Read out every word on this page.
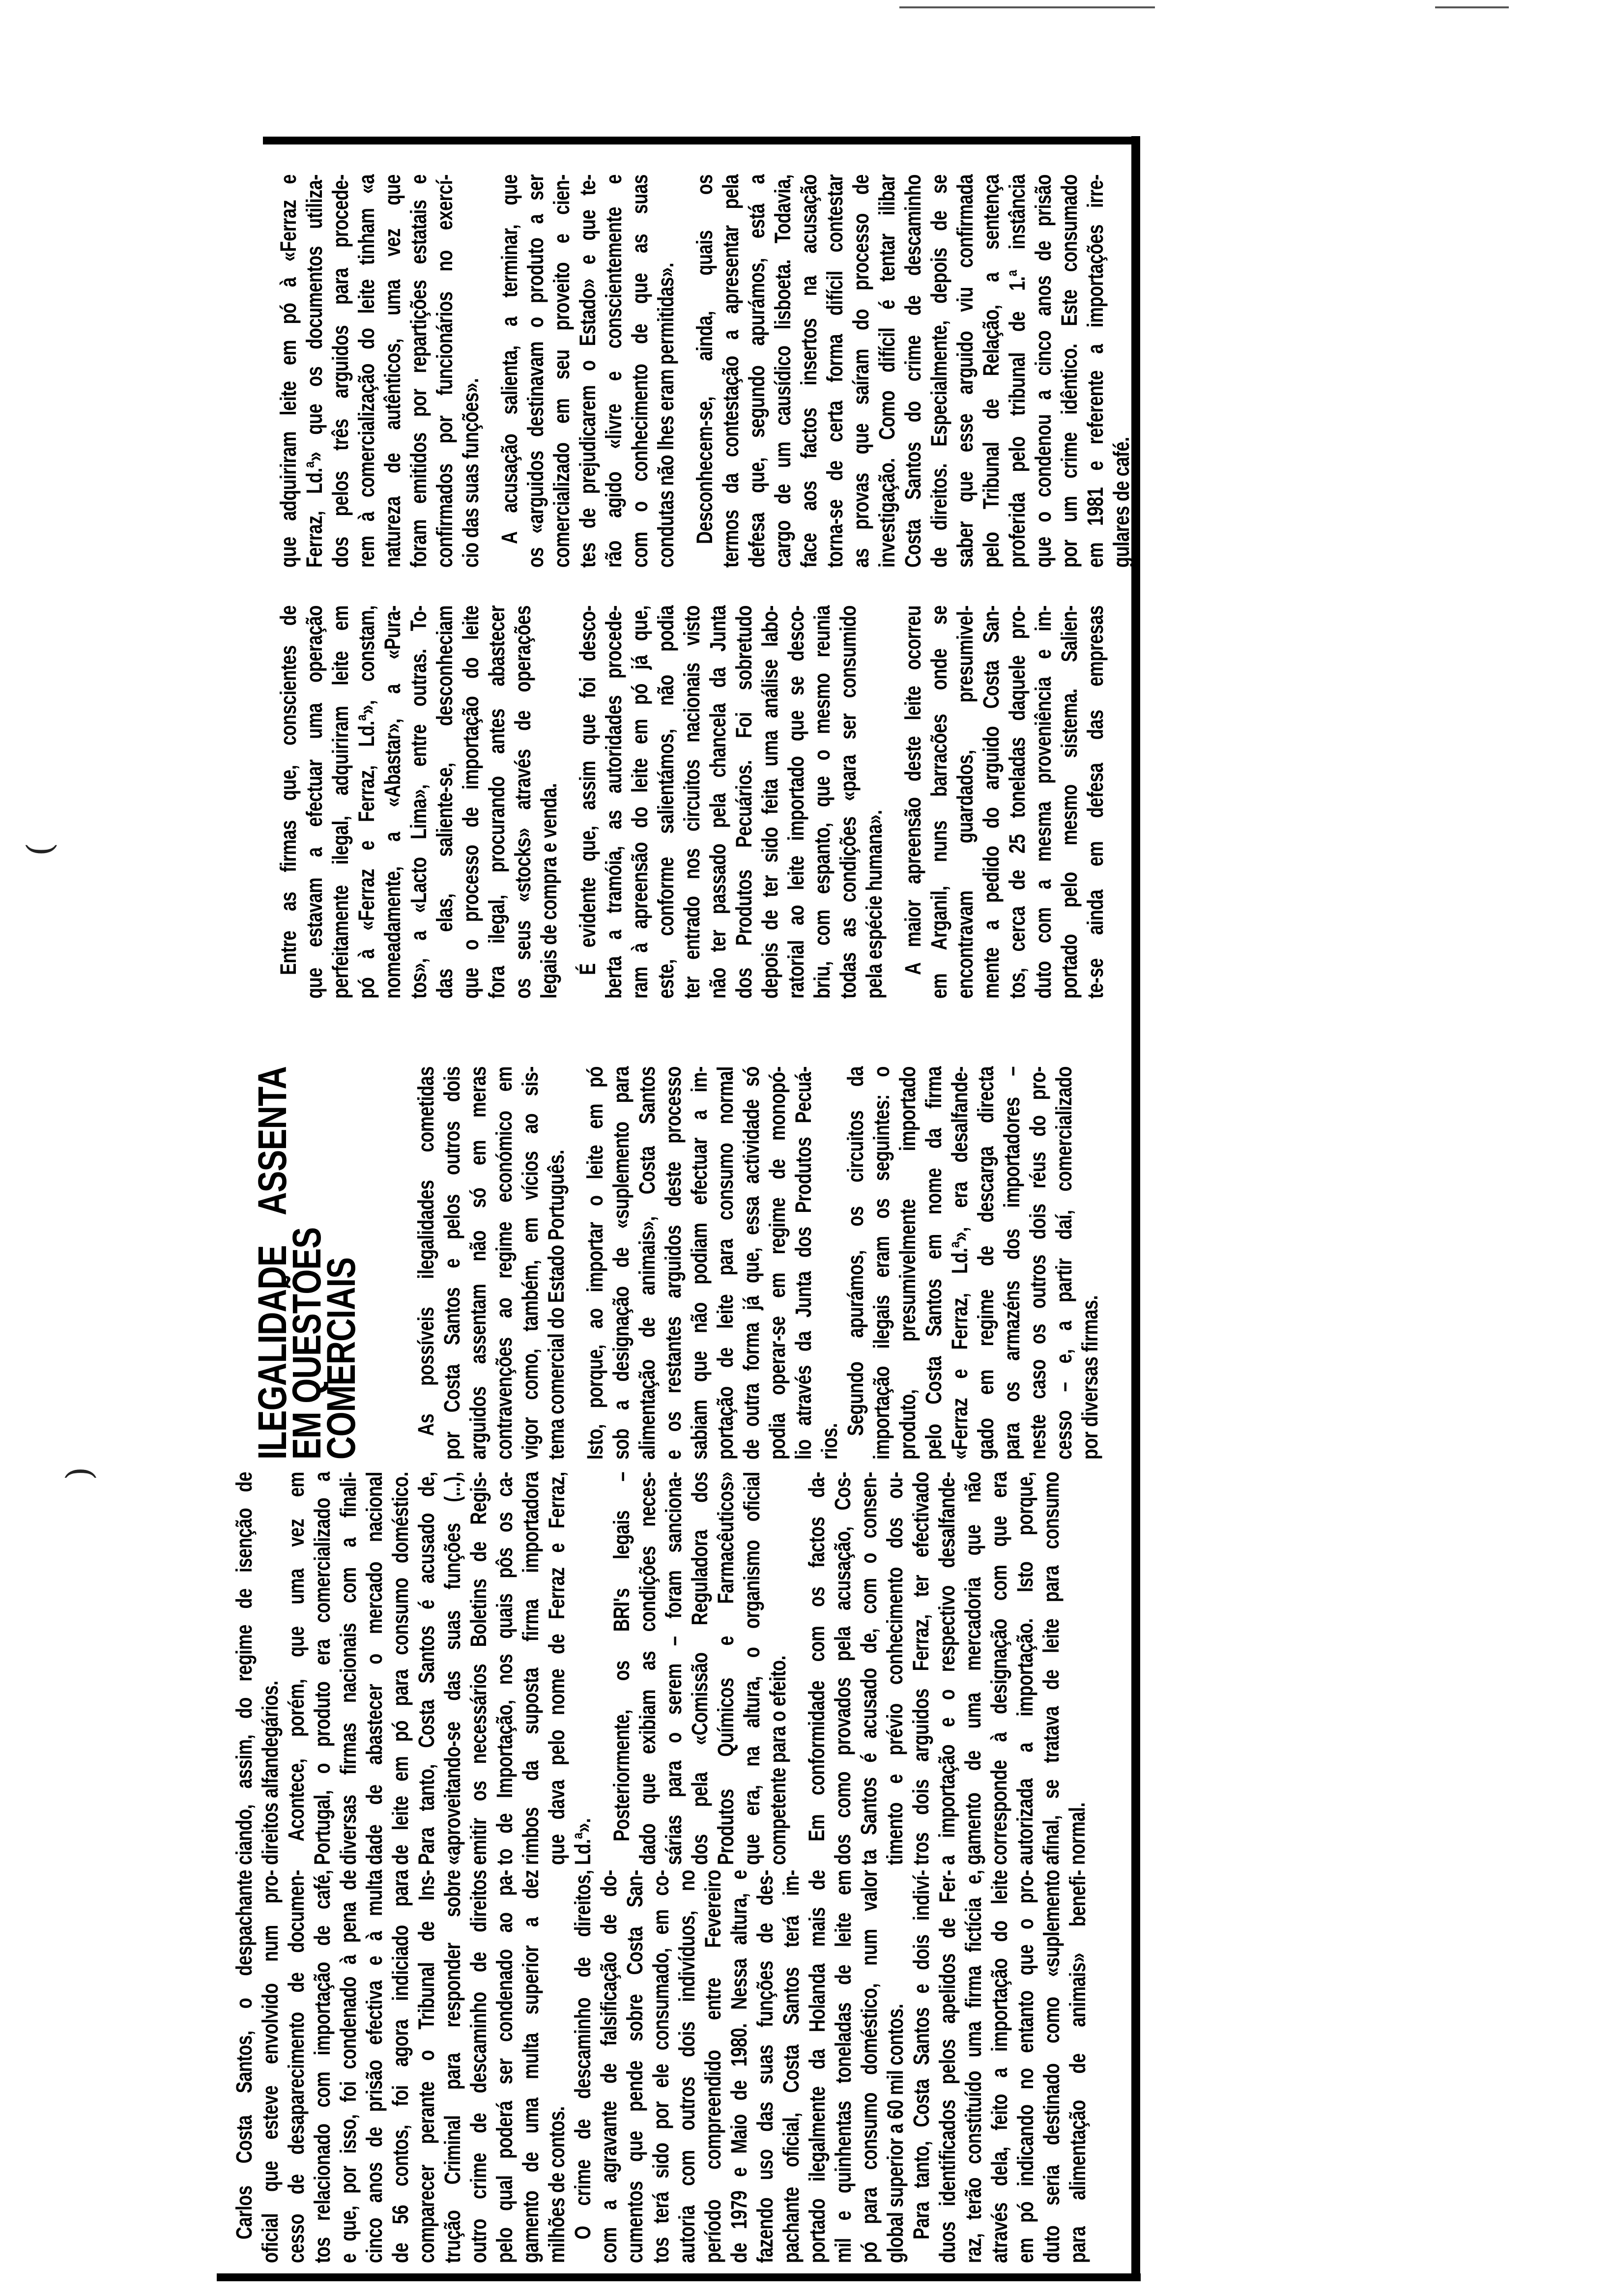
(
)
ILEGALIDADE ASSENTA
EM QUESTÕES
COMERCIAIS
Carlos Costa Santos, o despachante oficial que esteve envolvido num pro- cesso de desaparecimento de documen- tos relacionado com importação de café, e que, por isso, foi condenado à pena de cinco anos de prisão efectiva e à multa de 56 contos, foi agora indiciado para comparecer perante o Tribunal de Ins- trução Criminal para responder sobre outro crime de descaminho de direitos pelo qual poderá ser condenado ao pa- gamento de uma multa superior a dez milhões de contos. O crime de descaminho de direitos, com a agravante de falsificação de do- cumentos que pende sobre Costa San- tos terá sido por ele consumado, em co- autoria com outros dois indivíduos, no período compreendido entre Fevereiro de 1979 e Maio de 1980. Nessa altura, e fazendo uso das suas funções de des- pachante oficial, Costa Santos terá im- portado ilegalmente da Holanda mais de mil e quinhentas toneladas de leite em pó para consumo doméstico, num valor global superior a 60 mil contos. Para tanto, Costa Santos e dois indiví- duos identificados pelos apelidos de Fer- raz, terão constituído uma firma fictícia e, através dela, feito a importação do leite em pó indicando no entanto que o pro- duto seria destinado como «suplemento para alimentação de animais» benefi-
ciando, assim, do regime de isenção de direitos alfandegários. Acontece, porém, que uma vez em Portugal, o produto era comercializado a diversas firmas nacionais com a finali- dade de abastecer o mercado nacional de leite em pó para consumo doméstico. Para tanto, Costa Santos é acusado de, «aproveitando-se das suas funções (...), emitir os necessários Boletins de Regis- to de Importação, nos quais pôs os ca- rimbos da suposta firma importadora que dava pelo nome de Ferraz e Ferraz, Ld.ª».
Posteriormente, os BRI's legais – dado que exibiam as condições neces- sárias para o serem – foram sanciona- dos pela «Comissão Reguladora dos Produtos Químicos e Farmacêuticos» que era, na altura, o organismo oficial competente para o efeito. Em conformidade com os factos da- dos como provados pela acusação, Cos- ta Santos é acusado de, com o consen- timento e prévio conhecimento dos ou- tros dois arguidos Ferraz, ter efectivado a importação e o respectivo desalfande- gamento de uma mercadoria que não corresponde à designação com que era autorizada a importação. Isto porque, afinal, se tratava de leite para consumo normal.
As possíveis ilegalidades cometidas por Costa Santos e pelos outros dois arguidos assentam não só em meras contravenções ao regime económico em vigor como, também, em vícios ao sis- tema comercial do Estado Português. Isto, porque, ao importar o leite em pó sob a designação de «suplemento para alimentação de animais», Costa Santos e os restantes arguidos deste processo sabiam que não podiam efectuar a im- portação de leite para consumo normal de outra forma já que, essa actividade só podia operar-se em regime de monopó- lio através da Junta dos Produtos Pecuá- rios.
Segundo apurámos, os circuitos da importação ilegais eram os seguintes: o produto, presumivelmente importado pelo Costa Santos em nome da firma «Ferraz e Ferraz, Ld.ª», era desalfande- gado em regime de descarga directa para os armazéns dos importadores – neste caso os outros dois réus do pro- cesso – e, a partir daí, comercializado por diversas firmas.
Entre as firmas que, conscientes de que estavam a efectuar uma operação perfeitamente ilegal, adquiriram leite em pó à «Ferraz e Ferraz, Ld.ª», constam, nomeadamente, a «Abastar», a «Pura- tos», a «Lacto Lima», entre outras. To- das elas, saliente-se, desconheciam que o processo de importação do leite fora ilegal, procurando antes abastecer os seus «stocks» através de operações legais de compra e venda. É evidente que, assim que foi desco- berta a tramóia, as autoridades procede- ram à apreensão do leite em pó já que, este, conforme salientámos, não podia ter entrado nos circuitos nacionais visto não ter passado pela chancela da Junta dos Produtos Pecuários. Foi sobretudo depois de ter sido feita uma análise labo- ratorial ao leite importado que se desco- briu, com espanto, que o mesmo reunia todas as condições «para ser consumido pela espécie humana». A maior apreensão deste leite ocorreu em Arganil, nuns barracões onde se encontravam guardados, presumivel- mente a pedido do arguido Costa San- tos, cerca de 25 toneladas daquele pro- duto com a mesma proveniência e im- portado pelo mesmo sistema. Salien- te-se ainda em defesa das empresas
que adquiriram leite em pó à «Ferraz e Ferraz, Ld.ª» que os documentos utiliza- dos pelos três arguidos para procede- rem à comercialização do leite tinham «a natureza de autênticos, uma vez que foram emitidos por repartições estatais e confirmados por funcionários no exercí- cio das suas funções». A acusação salienta, a terminar, que os «arguidos destinavam o produto a ser comercializado em seu proveito e cien- tes de prejudicarem o Estado» e que te- rão agido «livre e conscientemente e com o conhecimento de que as suas condutas não lhes eram permitidas». Desconhecem-se, ainda, quais os termos da contestação a apresentar pela defesa que, segundo apurámos, está a cargo de um causídico lisboeta. Todavia, face aos factos insertos na acusação torna-se de certa forma difícil contestar as provas que saíram do processo de investigação. Como difícil é tentar ilibar Costa Santos do crime de descaminho de direitos. Especialmente, depois de se saber que esse arguido viu confirmada pelo Tribunal de Relação, a sentença proferida pelo tribunal de 1.ª instância que o condenou a cinco anos de prisão por um crime idêntico. Este consumado em 1981 e referente a importações irre- gulares de café.
